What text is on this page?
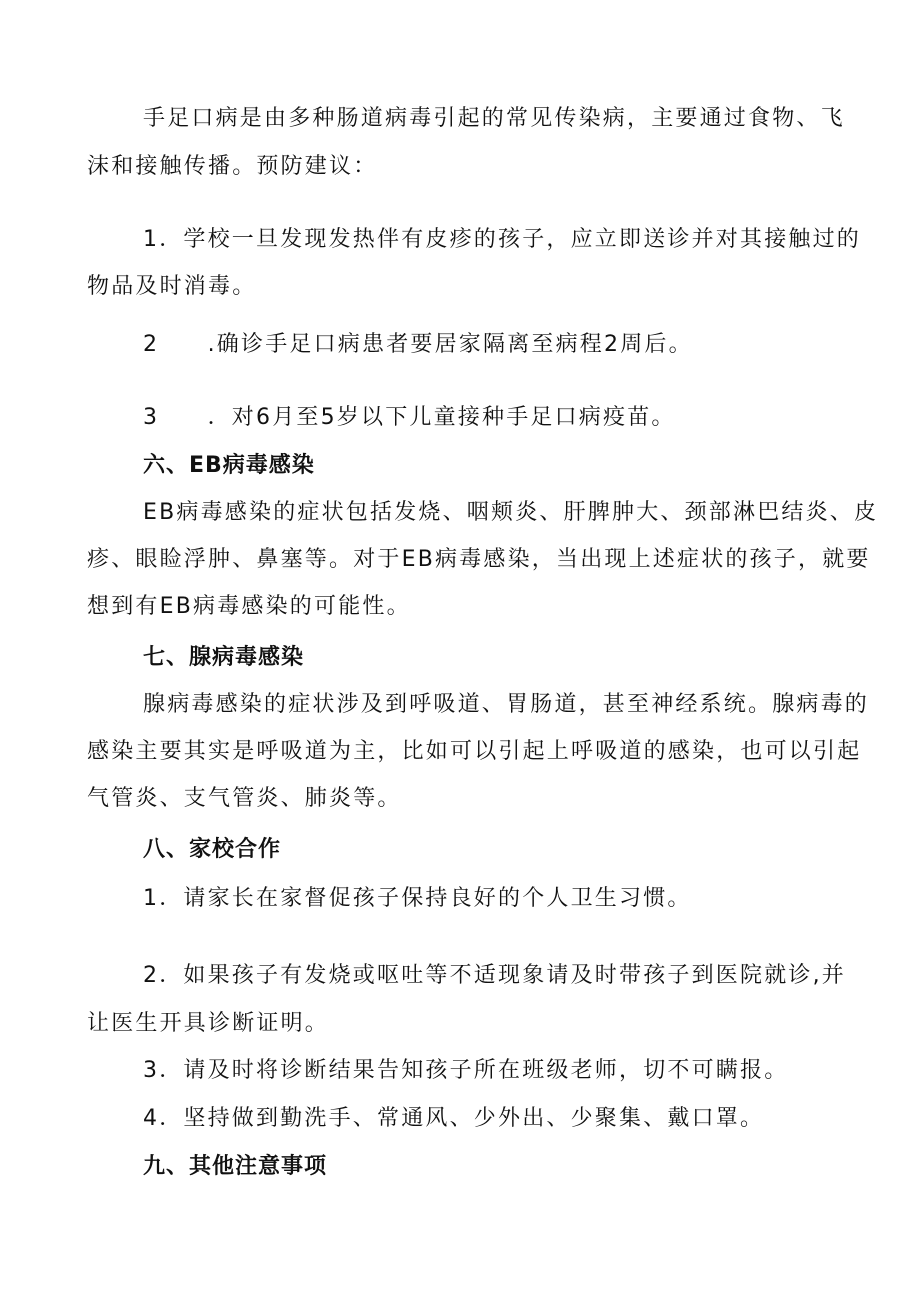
手足口病是由多种肠道病毒引起的常见传染病，主要通过食物、飞
沫和接触传播。预防建议：
1．学校一旦发现发热伴有皮疹的孩子，应立即送诊并对其接触过的
物品及时消毒。
2　　.确诊手足口病患者要居家隔离至病程2周后。
3　　．对6月至5岁以下儿童接种手足口病疫苗。
六、EB病毒感染
EB病毒感染的症状包括发烧、咽颊炎、肝脾肿大、颈部淋巴结炎、皮
疹、眼睑浮肿、鼻塞等。对于EB病毒感染，当出现上述症状的孩子，就要
想到有EB病毒感染的可能性。
七、腺病毒感染
腺病毒感染的症状涉及到呼吸道、胃肠道，甚至神经系统。腺病毒的
感染主要其实是呼吸道为主，比如可以引起上呼吸道的感染，也可以引起
气管炎、支气管炎、肺炎等。
八、家校合作
1．请家长在家督促孩子保持良好的个人卫生习惯。
2．如果孩子有发烧或呕吐等不适现象请及时带孩子到医院就诊,并
让医生开具诊断证明。
3．请及时将诊断结果告知孩子所在班级老师，切不可瞒报。
4．坚持做到勤洗手、常通风、少外出、少聚集、戴口罩。
九、其他注意事项
